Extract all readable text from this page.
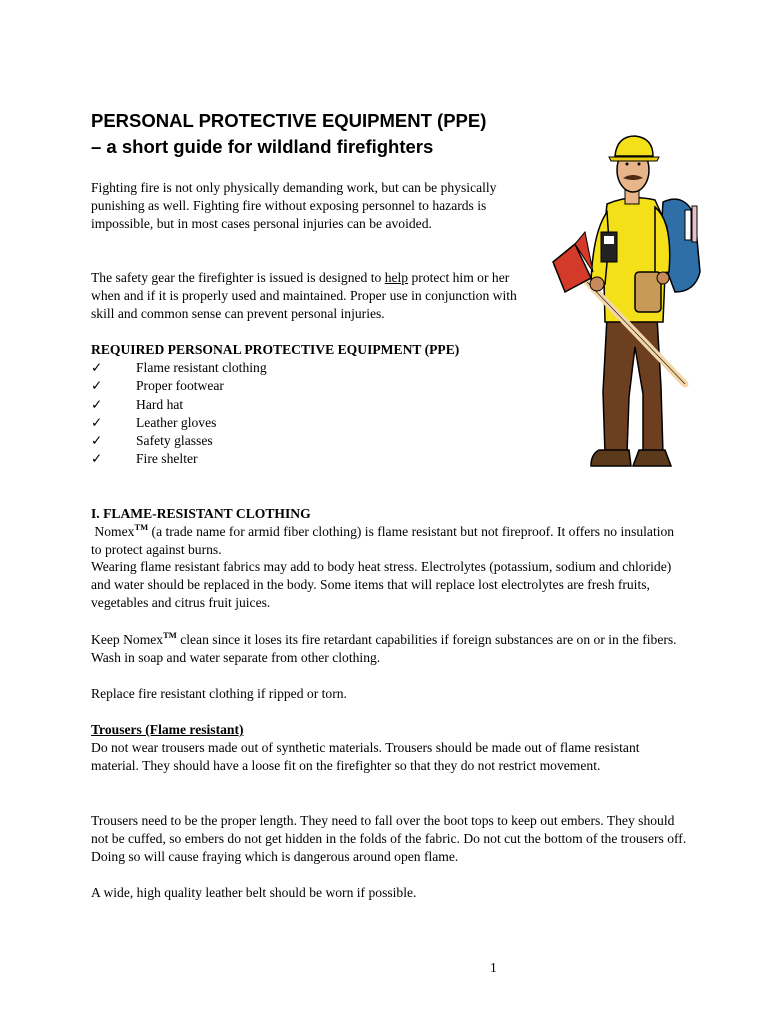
PERSONAL PROTECTIVE EQUIPMENT (PPE)
– a short guide for wildland firefighters

Fighting fire is not only physically demanding work, but can be physically punishing as well. Fighting fire without exposing personnel to hazards is impossible, but in most cases personal injuries can be avoided.

The safety gear the firefighter is issued is designed to help protect him or her when and if it is properly used and maintained. Proper use in conjunction with skill and common sense can prevent personal injuries.

REQUIRED PERSONAL PROTECTIVE EQUIPMENT (PPE)

✓ Flame resistant clothing
✓ Proper footwear
✓ Hard hat
✓ Leather gloves
✓ Safety glasses
✓ Fire shelter

I. FLAME-RESISTANT CLOTHING

Nomex™ (a trade name for armid fiber clothing) is flame resistant but not fireproof. It offers no insulation to protect against burns.

Wearing flame resistant fabrics may add to body heat stress. Electrolytes (potassium, sodium and chloride) and water should be replaced in the body. Some items that will replace lost electrolytes are fresh fruits, vegetables and citrus fruit juices.

Keep Nomex™ clean since it loses its fire retardant capabilities if foreign substances are on or in the fibers. Wash in soap and water separate from other clothing.

Replace fire resistant clothing if ripped or torn.

Trousers (Flame resistant)

Do not wear trousers made out of synthetic materials. Trousers should be made out of flame resistant material. They should have a loose fit on the firefighter so that they do not restrict movement.

Trousers need to be the proper length. They need to fall over the boot tops to keep out embers. They should not be cuffed, so embers do not get hidden in the folds of the fabric. Do not cut the bottom of the trousers off. Doing so will cause fraying which is dangerous around open flame.

A wide, high quality leather belt should be worn if possible.

1
